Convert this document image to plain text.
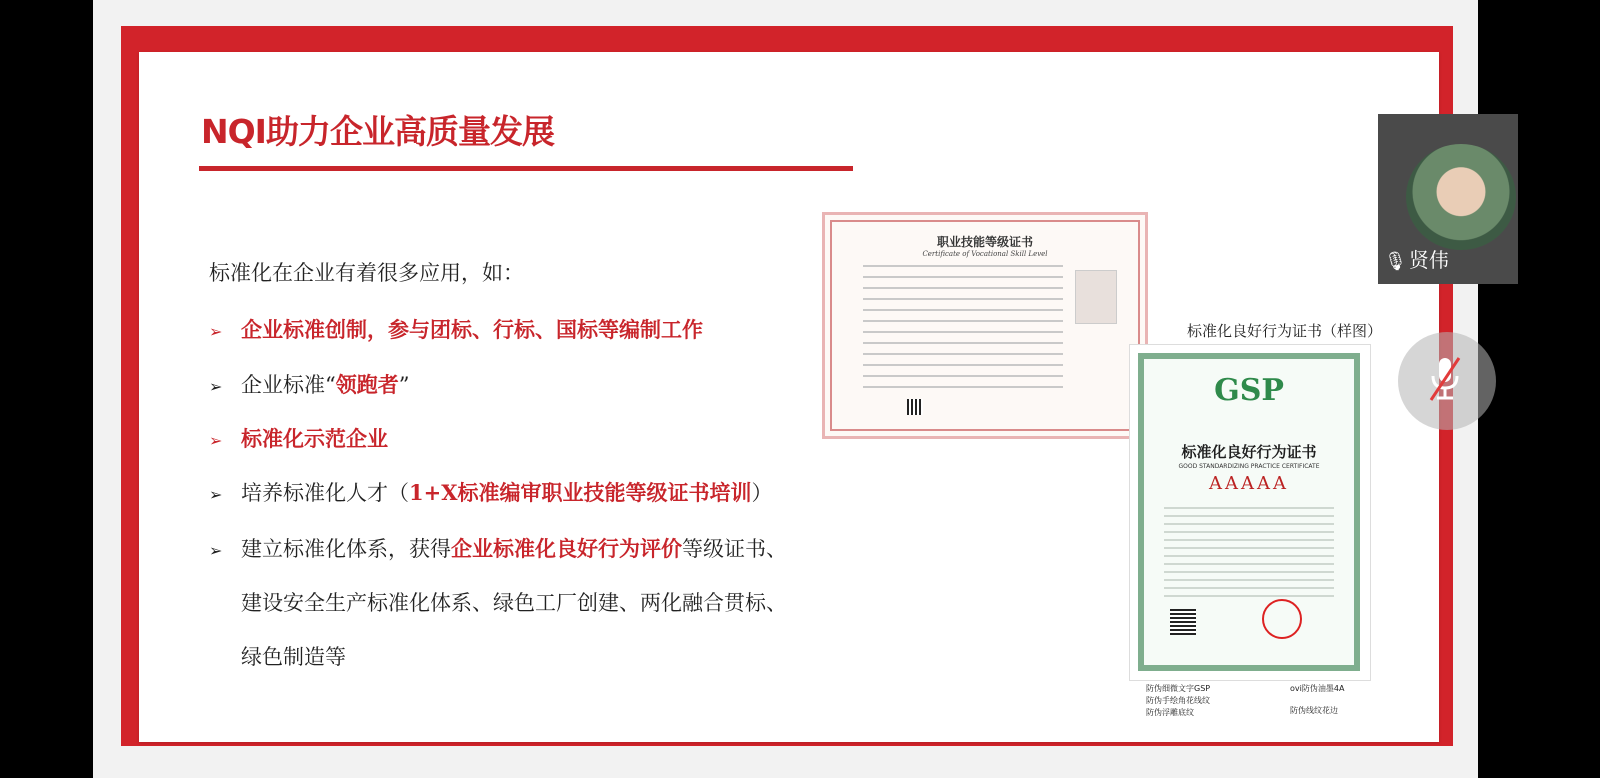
NQI助力企业高质量发展
标准化在企业有着很多应用，如：
➢ 企业标准创制，参与团标、行标、国标等编制工作
➢ 企业标准“领跑者”
➢ 标准化示范企业
➢ 培养标准化人才（1+X标准编审职业技能等级证书培训）
➢ 建立标准化体系，获得企业标准化良好行为评价等级证书、
建设安全生产标准化体系、绿色工厂创建、两化融合贯标、
绿色制造等
职业技能等级证书
Certificate of Vocational Skill Level
标准化良好行为证书（样图）
GSP
标准化良好行为证书
GOOD STANDARDIZING PRACTICE CERTIFICATE
AAAAA
防伪细微文字GSP
防伪手绘角花线纹
防伪浮雕底纹
ovi防伪油墨4A
防伪线纹花边
🎙 贤伟
